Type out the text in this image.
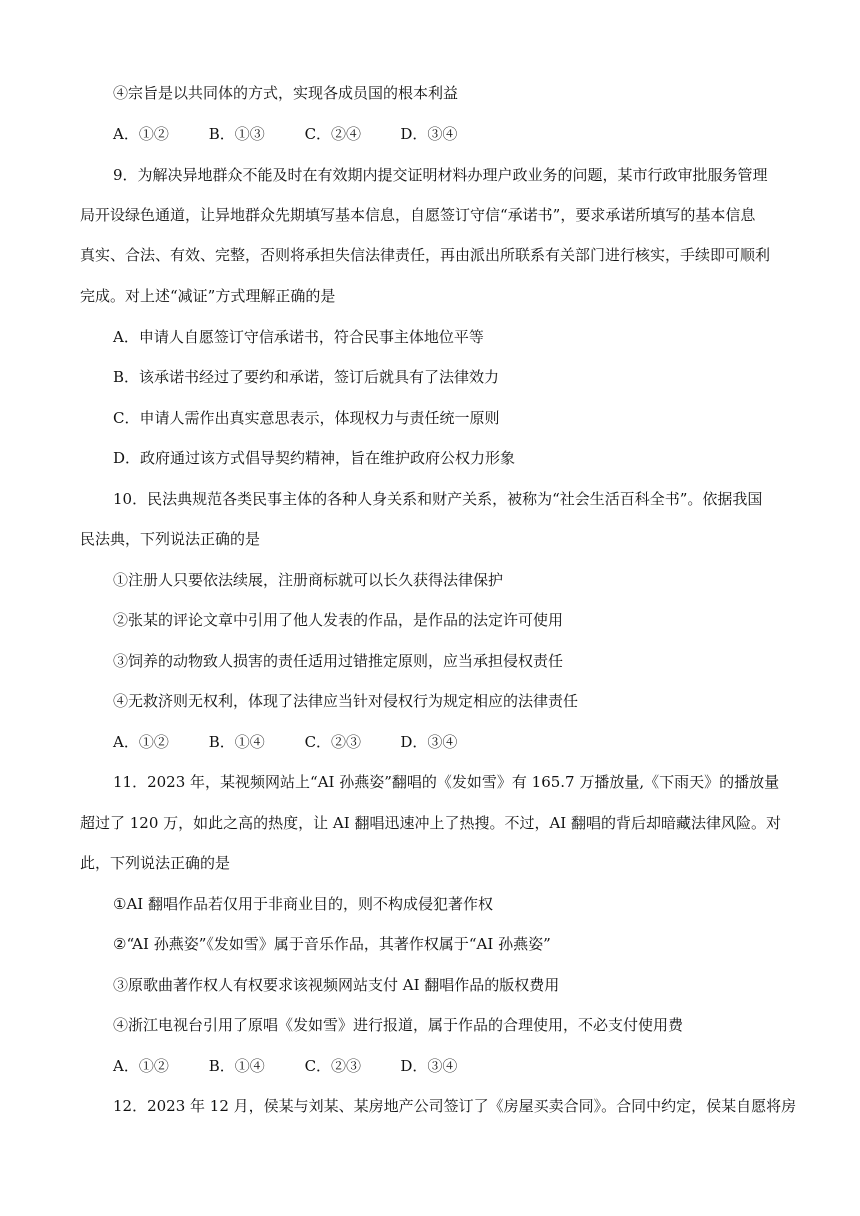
④宗旨是以共同体的方式，实现各成员国的根本利益
A．①②	B．①③	C．②④	D．③④
9．为解决异地群众不能及时在有效期内提交证明材料办理户政业务的问题，某市行政审批服务管理
局开设绿色通道，让异地群众先期填写基本信息，自愿签订守信“承诺书”，要求承诺所填写的基本信息
真实、合法、有效、完整，否则将承担失信法律责任，再由派出所联系有关部门进行核实，手续即可顺利
完成。对上述“减证”方式理解正确的是
A．申请人自愿签订守信承诺书，符合民事主体地位平等
B．该承诺书经过了要约和承诺，签订后就具有了法律效力
C．申请人需作出真实意思表示，体现权力与责任统一原则
D．政府通过该方式倡导契约精神，旨在维护政府公权力形象
10．民法典规范各类民事主体的各种人身关系和财产关系，被称为“社会生活百科全书”。依据我国
民法典，下列说法正确的是
①注册人只要依法续展，注册商标就可以长久获得法律保护
②张某的评论文章中引用了他人发表的作品，是作品的法定许可使用
③饲养的动物致人损害的责任适用过错推定原则，应当承担侵权责任
④无救济则无权利，体现了法律应当针对侵权行为规定相应的法律责任
A．①②	B．①④	C．②③	D．③④
11．2023 年，某视频网站上“AI 孙燕姿”翻唱的《发如雪》有 165.7 万播放量,《下雨天》的播放量
超过了 120 万，如此之高的热度，让 AI 翻唱迅速冲上了热搜。不过，AI 翻唱的背后却暗藏法律风险。对
此，下列说法正确的是
①AI 翻唱作品若仅用于非商业目的，则不构成侵犯著作权
②“AI 孙燕姿”《发如雪》属于音乐作品，其著作权属于“AI 孙燕姿”
③原歌曲著作权人有权要求该视频网站支付 AI 翻唱作品的版权费用
④浙江电视台引用了原唱《发如雪》进行报道，属于作品的合理使用，不必支付使用费
A．①②	B．①④	C．②③	D．③④
12．2023 年 12 月，侯某与刘某、某房地产公司签订了《房屋买卖合同》。合同中约定，侯某自愿将房
